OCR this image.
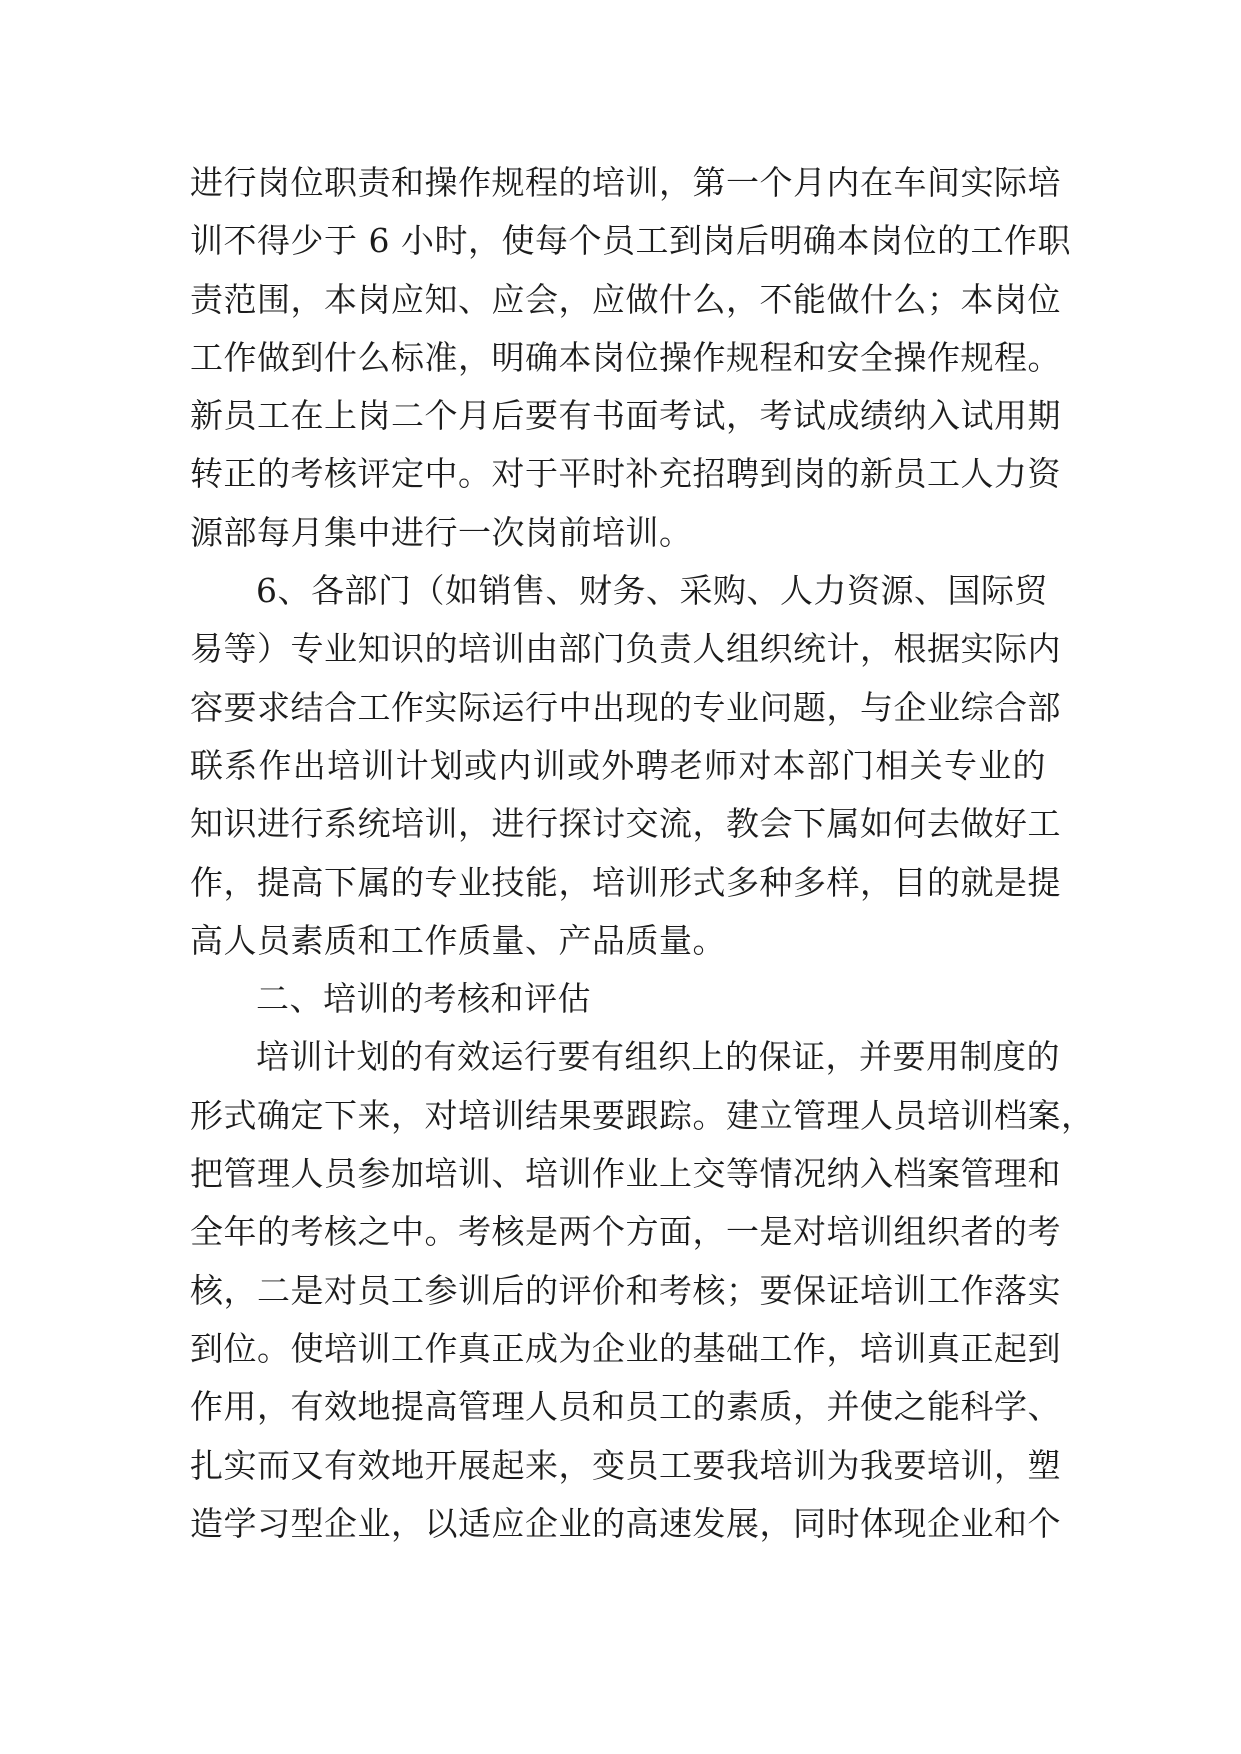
进行岗位职责和操作规程的培训，第一个月内在车间实际培
训不得少于 6 小时，使每个员工到岗后明确本岗位的工作职
责范围，本岗应知、应会，应做什么，不能做什么；本岗位
工作做到什么标准，明确本岗位操作规程和安全操作规程。
新员工在上岗二个月后要有书面考试，考试成绩纳入试用期
转正的考核评定中。对于平时补充招聘到岗的新员工人力资
源部每月集中进行一次岗前培训。
6、各部门（如销售、财务、采购、人力资源、国际贸
易等）专业知识的培训由部门负责人组织统计，根据实际内
容要求结合工作实际运行中出现的专业问题，与企业综合部
联系作出培训计划或内训或外聘老师对本部门相关专业的
知识进行系统培训，进行探讨交流，教会下属如何去做好工
作，提高下属的专业技能，培训形式多种多样，目的就是提
高人员素质和工作质量、产品质量。
二、培训的考核和评估
培训计划的有效运行要有组织上的保证，并要用制度的
形式确定下来，对培训结果要跟踪。建立管理人员培训档案，
把管理人员参加培训、培训作业上交等情况纳入档案管理和
全年的考核之中。考核是两个方面，一是对培训组织者的考
核，二是对员工参训后的评价和考核；要保证培训工作落实
到位。使培训工作真正成为企业的基础工作，培训真正起到
作用，有效地提高管理人员和员工的素质，并使之能科学、
扎实而又有效地开展起来，变员工要我培训为我要培训，塑
造学习型企业，以适应企业的高速发展，同时体现企业和个
